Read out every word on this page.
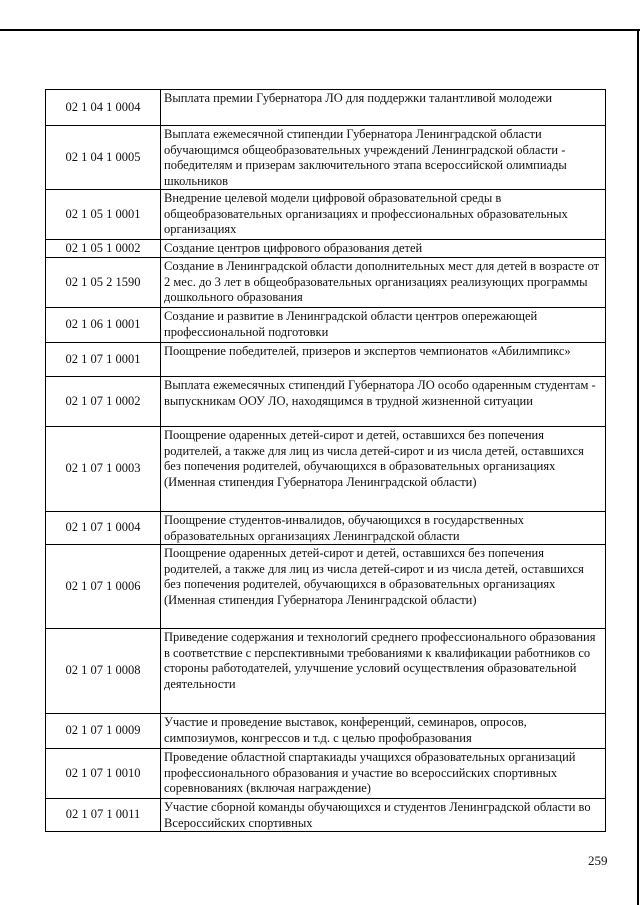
02 1 04 1 0004	Выплата премии Губернатора ЛО для поддержки талантливой молодежи
02 1 04 1 0005	Выплата ежемесячной стипендии Губернатора Ленинградской области обучающимся общеобразовательных учреждений Ленинградской области - победителям и призерам заключительного этапа всероссийской олимпиады школьников
02 1 05 1 0001	Внедрение целевой модели цифровой образовательной среды в общеобразовательных организациях и профессиональных образовательных организациях
02 1 05 1 0002	Создание центров цифрового образования детей
02 1 05 2 1590	Создание в Ленинградской области дополнительных мест для детей в возрасте от 2 мес. до 3 лет в общеобразовательных организациях реализующих программы дошкольного образования
02 1 06 1 0001	Создание и развитие в Ленинградской области центров опережающей профессиональной подготовки
02 1 07 1 0001	Поощрение победителей, призеров и экспертов чемпионатов «Абилимпикс»
02 1 07 1 0002	Выплата ежемесячных стипендий Губернатора ЛО особо одаренным студентам - выпускникам ООУ ЛО, находящимся в трудной жизненной ситуации
02 1 07 1 0003	Поощрение одаренных детей-сирот и детей, оставшихся без попечения родителей, а также для лиц из числа детей-сирот и из числа детей, оставшихся без попечения родителей, обучающихся в образовательных организациях (Именная стипендия Губернатора Ленинградской области)
02 1 07 1 0004	Поощрение студентов-инвалидов, обучающихся в государственных образовательных организациях Ленинградской области
02 1 07 1 0006	Поощрение одаренных детей-сирот и детей, оставшихся без попечения родителей, а также для лиц из числа детей-сирот и из числа детей, оставшихся без попечения родителей, обучающихся в образовательных организациях (Именная стипендия Губернатора Ленинградской области)
02 1 07 1 0008	Приведение содержания и технологий среднего профессионального образования в соответствие с перспективными требованиями к квалификации работников со стороны работодателей, улучшение условий осуществления образовательной деятельности
02 1 07 1 0009	Участие и проведение выставок, конференций, семинаров, опросов, симпозиумов, конгрессов и т.д. с целью профобразования
02 1 07 1 0010	Проведение областной спартакиады учащихся образовательных организаций профессионального образования и участие во всероссийских спортивных соревнованиях (включая награждение)
02 1 07 1 0011	Участие сборной команды обучающихся и студентов Ленинградской области во Всероссийских спортивных
259
